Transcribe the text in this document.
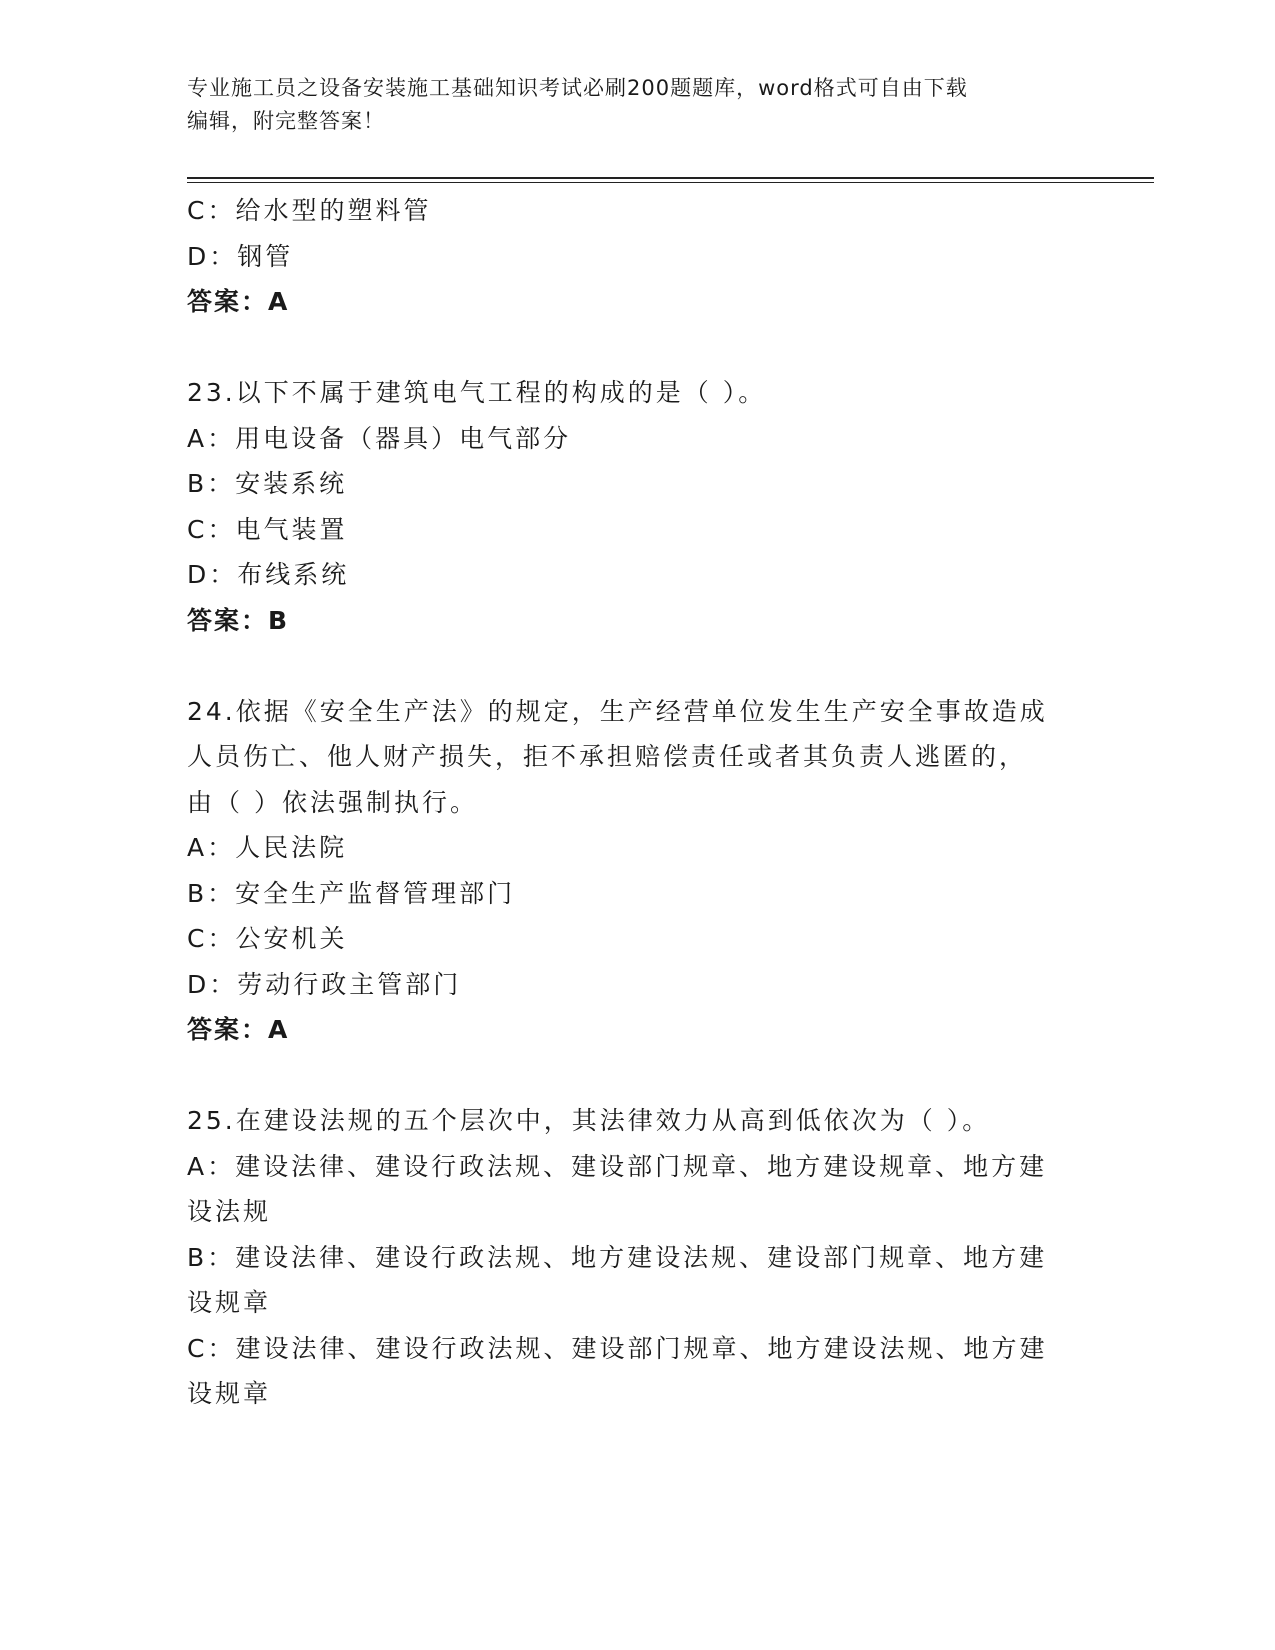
专业施工员之设备安装施工基础知识考试必刷200题题库，word格式可自由下载
编辑，附完整答案！
C：给水型的塑料管
D：钢管
答案：A
23.以下不属于建筑电气工程的构成的是（ ）。
A：用电设备（器具）电气部分
B：安装系统
C：电气装置
D：布线系统
答案：B
24.依据《安全生产法》的规定，生产经营单位发生生产安全事故造成
人员伤亡、他人财产损失，拒不承担赔偿责任或者其负责人逃匿的，
由（ ）依法强制执行。
A：人民法院
B：安全生产监督管理部门
C：公安机关
D：劳动行政主管部门
答案：A
25.在建设法规的五个层次中，其法律效力从高到低依次为（ ）。
A：建设法律、建设行政法规、建设部门规章、地方建设规章、地方建
设法规
B：建设法律、建设行政法规、地方建设法规、建设部门规章、地方建
设规章
C：建设法律、建设行政法规、建设部门规章、地方建设法规、地方建
设规章
